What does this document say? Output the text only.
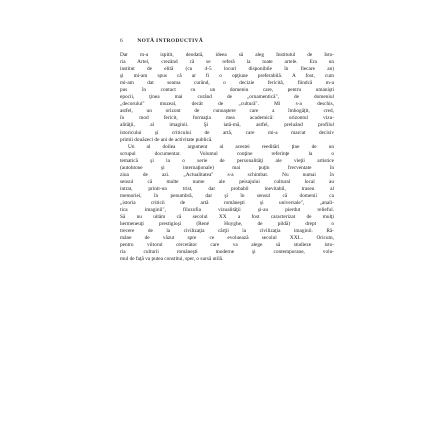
6	NOTĂ INTRODUCTIVĂ
Dar m-a ispitit, deodată, ideea să aleg Institutul de Isto-
ria Artei, crezând că se referă la toate artele. Era un
institut de elită (cu 4-5 locuri disponibile în fiecare an)
şi mi-am spus că ar fi o opţiune preferabilă. A fost, cum
mi-am dat seama curând, o decizie fericită, fiindcă m-a
pus în contact cu un domeniu care, pentru umanişti
epocii, ţinea mai curând de „ornamentică", de domeniul
„decorului" muzeal, decât de „cultură". Mi s-a deschis,
astfel, un orizont de cunoaştere care a îmbogăţit, cred,
în mod fericit, formaţia mea academică: orizontul vizu-
alităţii, al imaginii. Şi iată-mă, astfel, preluând profilul
istoricului şi criticului de artă, care mi-a marcat decisiv
primii douăzeci de ani de activitate publică.
Un al doilea argument al acestei reeditări ţine de un
scrupul documentar. Volumul conţine referinţe la o
tematică şi la o serie de personalităţi ale vieţii artistice
(autohtone şi internaţionale) mai puţin frecventate în
ziua de azi. „Actualitatea" s-a schimbat. Nu numai în
sensul că multe nume ale peisajului cultural local au
intrat, printr-un trist, dar probabil inevitabil, traseu al
memoriei, în penumbră, dar şi în sensul că domenii ca
„istoria criticii de artă româneşti şi universale", „anali-
tica imaginii", filozofia vizualităţii şi-au pierdut relieful.
Să nu uităm că secolul XX a fost caracterizat de mulţi
hermeneuţi prestigioşi (René Huyghe, de pildă) drept o
trecere de la civilizaţia cărţii la civilizaţia imaginii. Ră-
mâne de văzut spre ce evoluează secolul XXI... Oricum,
pentru viitorul cercetător care va alege să studieze isto-
ria culturii româneşti moderne şi contemporane, volu-
mul de faţă va putea constitui, sper, o sursă utilă.
